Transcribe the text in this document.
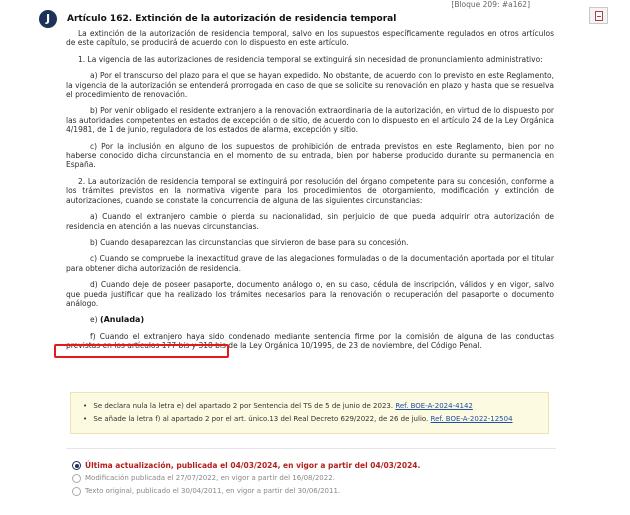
[Bloque 209: #a162]
J	Artículo 162. Extinción de la autorización de residencia temporal

La extinción de la autorización de residencia temporal, salvo en los supuestos específicamente regulados en otros artículos de este capítulo, se producirá de acuerdo con lo dispuesto en este artículo.

1. La vigencia de las autorizaciones de residencia temporal se extinguirá sin necesidad de pronunciamiento administrativo:

a) Por el transcurso del plazo para el que se hayan expedido. No obstante, de acuerdo con lo previsto en este Reglamento, la vigencia de la autorización se entenderá prorrogada en caso de que se solicite su renovación en plazo y hasta que se resuelva el procedimiento de renovación.

b) Por venir obligado el residente extranjero a la renovación extraordinaria de la autorización, en virtud de lo dispuesto por las autoridades competentes en estados de excepción o de sitio, de acuerdo con lo dispuesto en el artículo 24 de la Ley Orgánica 4/1981, de 1 de junio, reguladora de los estados de alarma, excepción y sitio.

c) Por la inclusión en alguno de los supuestos de prohibición de entrada previstos en este Reglamento, bien por no haberse conocido dicha circunstancia en el momento de su entrada, bien por haberse producido durante su permanencia en España.

2. La autorización de residencia temporal se extinguirá por resolución del órgano competente para su concesión, conforme a los trámites previstos en la normativa vigente para los procedimientos de otorgamiento, modificación y extinción de autorizaciones, cuando se constate la concurrencia de alguna de las siguientes circunstancias:

a) Cuando el extranjero cambie o pierda su nacionalidad, sin perjuicio de que pueda adquirir otra autorización de residencia en atención a las nuevas circunstancias.

b) Cuando desaparezcan las circunstancias que sirvieron de base para su concesión.

c) Cuando se compruebe la inexactitud grave de las alegaciones formuladas o de la documentación aportada por el titular para obtener dicha autorización de residencia.

d) Cuando deje de poseer pasaporte, documento análogo o, en su caso, cédula de inscripción, válidos y en vigor, salvo que pueda justificar que ha realizado los trámites necesarios para la renovación o recuperación del pasaporte o documento análogo.

e) (Anulada)

f) Cuando el extranjero haya sido condenado mediante sentencia firme por la comisión de alguna de las conductas previstas en los artículos 177 bis y 318 bis de la Ley Orgánica 10/1995, de 23 de noviembre, del Código Penal.

• Se declara nula la letra e) del apartado 2 por Sentencia del TS de 5 de junio de 2023. Ref. BOE-A-2024-4142
• Se añade la letra f) al apartado 2 por el art. único.13 del Real Decreto 629/2022, de 26 de julio. Ref. BOE-A-2022-12504
Última actualización, publicada el 04/03/2024, en vigor a partir del 04/03/2024.
Modificación publicada el 27/07/2022, en vigor a partir del 16/08/2022.
Texto original, publicado el 30/04/2011, en vigor a partir del 30/06/2011.
